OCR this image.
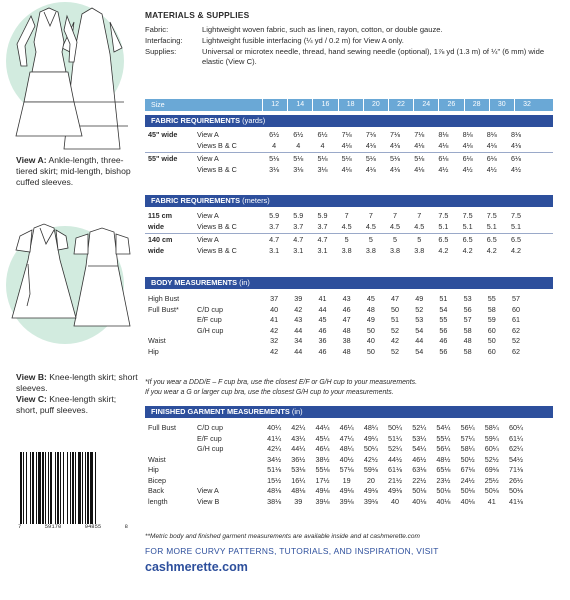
View A: Ankle-length, three-tiered skirt; mid-length, bishop cuffed sleeves.
View B: Knee-length skirt; short sleeves.
View C: Knee-length skirt; short, puff sleeves.
7	59170	94855	8
MATERIALS & SUPPLIES
Fabric:	Lightweight woven fabric, such as linen, rayon, cotton, or double gauze.
Interfacing:	Lightweight fusible interfacing (¼ yd / 0.2 m) for View A only.
Supplies:	Universal or microtex needle, thread, hand sewing needle (optional), 1⅞ yd (1.3 m) of ¼" (6 mm) wide elastic (View C).
Size	12	14	16	18	20	22	24	26	28	30	32
FABRIC REQUIREMENTS (yards)
45" wide	View A	6½	6½	6½	7⅛	7⅛	7⅛	7⅛	8⅛	8⅛	8⅛	8⅛
Views B & C	4	4	4	4⅛	4⅛	4⅛	4⅛	4⅛	4⅛	4⅛	4⅛
55" wide	View A	5⅛	5⅛	5⅛	5⅛	5⅛	5⅛	5⅛	6⅛	6⅛	6⅛	6⅛
Views B & C	3⅛	3⅛	3⅛	4⅛	4⅛	4⅛	4⅛	4½	4½	4½	4½
FABRIC REQUIREMENTS (meters)
115 cm	View A	5.9	5.9	5.9	7	7	7	7	7.5	7.5	7.5	7.5
wide	Views B & C	3.7	3.7	3.7	4.5	4.5	4.5	4.5	5.1	5.1	5.1	5.1
140 cm	View A	4.7	4.7	4.7	5	5	5	5	6.5	6.5	6.5	6.5
wide	Views B & C	3.1	3.1	3.1	3.8	3.8	3.8	3.8	4.2	4.2	4.2	4.2
BODY MEASUREMENTS (in)
High Bust	37	39	41	43	45	47	49	51	53	55	57
Full Bust*	C/D cup	40	42	44	46	48	50	52	54	56	58	60
E/F cup	41	43	45	47	49	51	53	55	57	59	61
G/H cup	42	44	46	48	50	52	54	56	58	60	62
Waist	32	34	36	38	40	42	44	46	48	50	52
Hip	42	44	46	48	50	52	54	56	58	60	62
*If you wear a DDD/E – F cup bra, use the closest E/F or G/H cup to your measurements.
If you wear a G or larger cup bra, use the closest G/H cup to your measurements.
FINISHED GARMENT MEASUREMENTS (in)
Full Bust	C/D cup	40¼	42¼	44¼	46¼	48¼	50¼	52¼	54¼	56¼	58¼	60¼
E/F cup	41¼	43¼	45¼	47¼	49¼	51¼	53¼	55¼	57¼	59¼	61¼
G/H cup	42¼	44¼	46¼	48¼	50¼	52¼	54¼	56¼	58¼	60¼	62¼
Waist	34½	36½	38½	40½	42½	44½	46½	48½	50½	52½	54½
Hip	51⅛	53⅛	55⅛	57⅛	59⅛	61⅛	63⅛	65⅛	67⅛	69⅛	71⅛
Bicep	15½	16¼	17½	19	20	21½	22½	23½	24½	25½	26½
Back	View A	48⅛	48⅛	49⅛	49⅛	49⅛	49⅛	50⅛	50⅛	50⅛	50⅛	50⅛
length	View B	38⅛	39	39⅛	39⅛	39⅛	40	40⅛	40⅛	40⅛	41	41⅛
**Metric body and finished garment measurements are available inside and at cashmerette.com
FOR MORE CURVY PATTERNS, TUTORIALS, AND INSPIRATION, VISIT
cashmerette.com
